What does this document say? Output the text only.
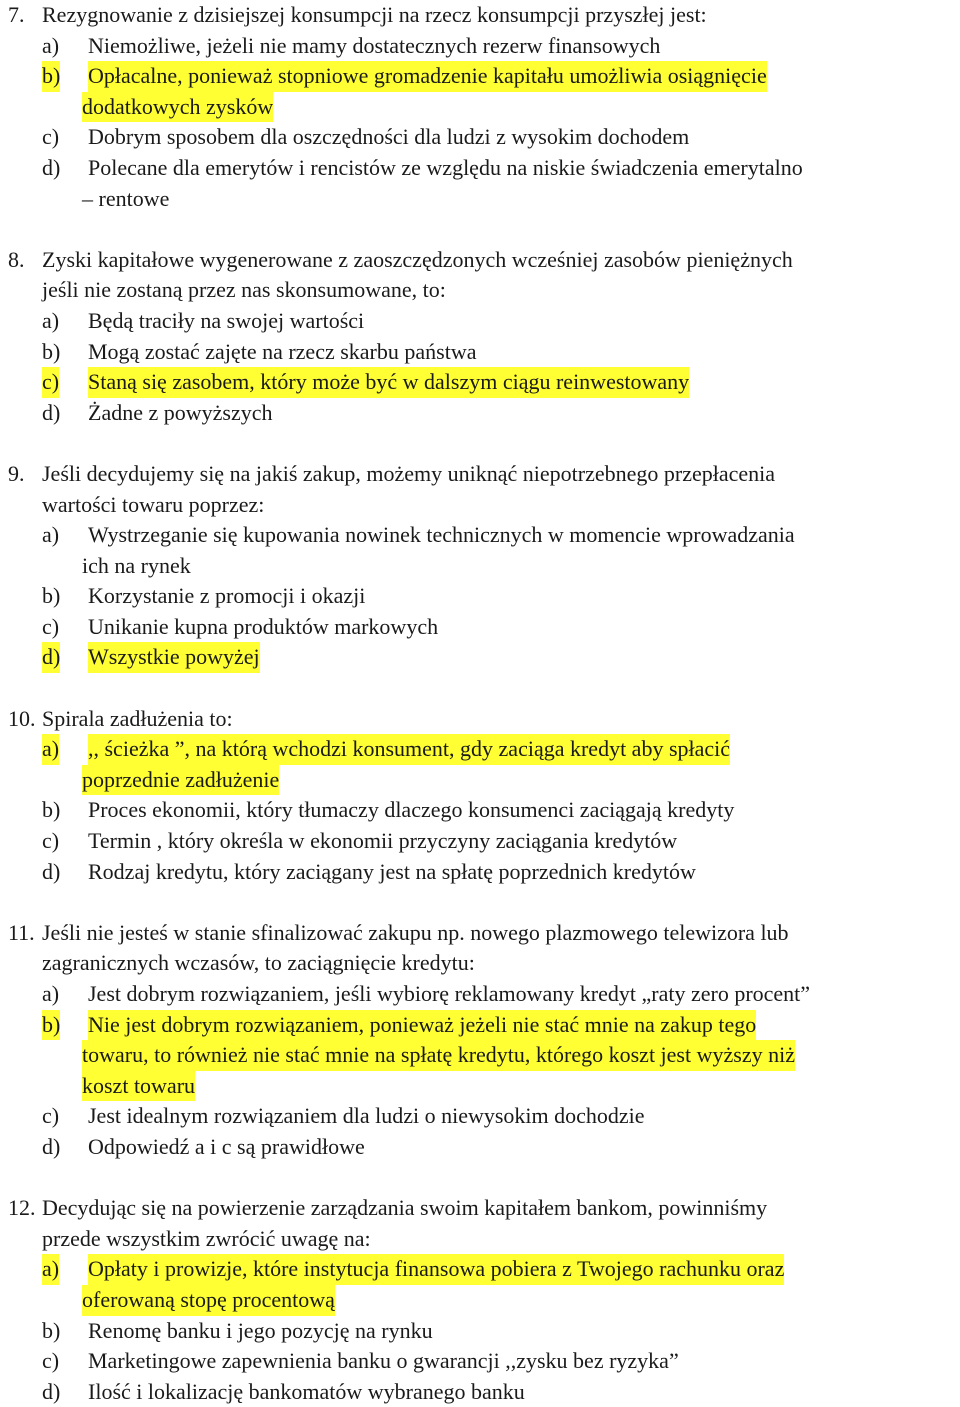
7. Rezygnowanie z dzisiejszej konsumpcji na rzecz konsumpcji przyszłej jest:
a) Niemożliwe, jeżeli nie mamy dostatecznych rezerw finansowych
b) Opłacalne, ponieważ stopniowe gromadzenie kapitału umożliwia osiągnięcie
dodatkowych zysków
c) Dobrym sposobem dla oszczędności dla ludzi z wysokim dochodem
d) Polecane dla emerytów i rencistów ze względu na niskie świadczenia emerytalno
– rentowe
8. Zyski kapitałowe wygenerowane z zaoszczędzonych wcześniej zasobów pieniężnych
jeśli nie zostaną przez nas skonsumowane, to:
a) Będą traciły na swojej wartości
b) Mogą zostać zajęte na rzecz skarbu państwa
c) Staną się zasobem, który może być w dalszym ciągu reinwestowany
d) Żadne z powyższych
9. Jeśli decydujemy się na jakiś zakup, możemy uniknąć niepotrzebnego przepłacenia
wartości towaru poprzez:
a) Wystrzeganie się kupowania nowinek technicznych w momencie wprowadzania
ich na rynek
b) Korzystanie z promocji i okazji
c) Unikanie kupna produktów markowych
d) Wszystkie powyżej
10. Spirala zadłużenia to:
a) ,, ścieżka ”, na którą wchodzi konsument, gdy zaciąga kredyt aby spłacić
poprzednie zadłużenie
b) Proces ekonomii, który tłumaczy dlaczego konsumenci zaciągają kredyty
c) Termin , który określa w ekonomii przyczyny zaciągania kredytów
d) Rodzaj kredytu, który zaciągany jest na spłatę poprzednich kredytów
11. Jeśli nie jesteś w stanie sfinalizować zakupu np. nowego plazmowego telewizora lub
zagranicznych wczasów, to zaciągnięcie kredytu:
a) Jest dobrym rozwiązaniem, jeśli wybiorę reklamowany kredyt „raty zero procent”
b) Nie jest dobrym rozwiązaniem, ponieważ jeżeli nie stać mnie na zakup tego
towaru, to również nie stać mnie na spłatę kredytu, którego koszt jest wyższy niż
koszt towaru
c) Jest idealnym rozwiązaniem dla ludzi o niewysokim dochodzie
d) Odpowiedź a i c są prawidłowe
12. Decydując się na powierzenie zarządzania swoim kapitałem bankom, powinniśmy
przede wszystkim zwrócić uwagę na:
a) Opłaty i prowizje, które instytucja finansowa pobiera z Twojego rachunku oraz
oferowaną stopę procentową
b) Renomę banku i jego pozycję na rynku
c) Marketingowe zapewnienia banku o gwarancji ,,zysku bez ryzyka”
d) Ilość i lokalizację bankomatów wybranego banku
